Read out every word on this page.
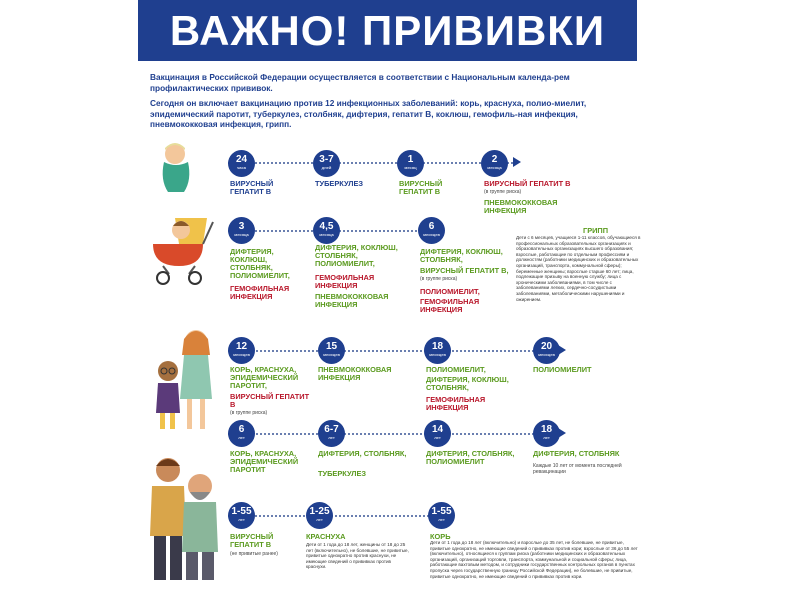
ВАЖНО! ПРИВИВКИ

Вакцинация в Российской Федерации осуществляется в соответствии с Национальным календа-рем профилактических прививок.

Сегодня он включает вакцинацию против 12 инфекционных заболеваний: корь, краснуха, полио-миелит, эпидемический паротит, туберкулез, столбняк, дифтерия, гепатит В, коклюш, гемофиль-ная инфекция, пневмококковая инфекция, грипп.

24
часа
3-7
дней
1
месяц
2
месяца
ВИРУСНЫЙ ГЕПАТИТ В
ТУБЕРКУЛЕЗ	ВИРУСНЫЙ ГЕПАТИТ В
ВИРУСНЫЙ ГЕПАТИТ В
(в группе риска)
ПНЕВМОКОККОВАЯ ИНФЕКЦИЯ
3
месяца
4,5
месяца
6
месяцев
ДИФТЕРИЯ, КОКЛЮШ, СТОЛБНЯК, ПОЛИОМИЕЛИТ,
ГЕМОФИЛЬНАЯ ИНФЕКЦИЯ
ДИФТЕРИЯ, КОКЛЮШ, СТОЛБНЯК, ПОЛИОМИЕЛИТ,
ГЕМОФИЛЬНАЯ ИНФЕКЦИЯ
ПНЕВМОКОККОВАЯ ИНФЕКЦИЯ
ДИФТЕРИЯ, КОКЛЮШ, СТОЛБНЯК,
ВИРУСНЫЙ ГЕПАТИТ В,
(в группе риска)
ПОЛИОМИЕЛИТ,
ГЕМОФИЛЬНАЯ ИНФЕКЦИЯ
ГРИПП
Дети с 6 месяцев, учащиеся 1-11 классов, обучающиеся в профессиональных образовательных организациях и образовательных организациях высшего образования; взрослые, работающие по отдельным профессиям и должностям (работники медицинских и образовательных организаций, транспорта, коммунальной сферы); беременные женщины; взрослые старше 60 лет; лица, подлежащие призыву на военную службу; лица с хроническими заболеваниями, в том числе с заболеваниями легких, сердечно-сосудистыми заболеваниями, метаболическими нарушениями и ожирением.
12
месяцев
15
месяцев
18
месяцев
20
месяцев
КОРЬ, КРАСНУХА, ЭПИДЕМИЧЕСКИЙ ПАРОТИТ,
ВИРУСНЫЙ ГЕПАТИТ В
(в группе риска)
ПНЕВМОКОККОВАЯ ИНФЕКЦИЯ
ПОЛИОМИЕЛИТ,
ДИФТЕРИЯ, КОКЛЮШ, СТОЛБНЯК,
ГЕМОФИЛЬНАЯ ИНФЕКЦИЯ
ПОЛИОМИЕЛИТ
6
лет
6-7
лет
14
лет
18
лет
КОРЬ, КРАСНУХА, ЭПИДЕМИЧЕСКИЙ ПАРОТИТ
ДИФТЕРИЯ, СТОЛБНЯК,
ТУБЕРКУЛЕЗ
ДИФТЕРИЯ, СТОЛБНЯК, ПОЛИОМИЕЛИТ
ДИФТЕРИЯ, СТОЛБНЯК
Каждые 10 лет от момента последней ревакцинации
1-55
лет
1-25
лет
1-55
лет
ВИРУСНЫЙ ГЕПАТИТ В
(не привитые ранее)
КРАСНУХА
Дети от 1 года до 18 лет, женщины от 18 до 25 лет (включительно), не болевшие, не привитые, привитые однократно против краснухи, не имеющие сведений о прививках против краснухи.
КОРЬ
Дети от 1 года до 18 лет (включительно) и взрослые до 35 лет, не болевшие, не привитые, привитые однократно, не имеющие сведений о прививках против кори; взрослые от 36 до 55 лет (включительно), относящиеся к группам риска (работники медицинских и образовательных организаций, организаций торговли, транспорта, коммунальной и социальной сферы; лица, работающие вахтовым методом, и сотрудники государственных контрольных органов в пунктах пропуска через государственную границу Российской Федерации), не болевшие, не привитые, привитые однократно, не имеющие сведений о прививках против кори.
